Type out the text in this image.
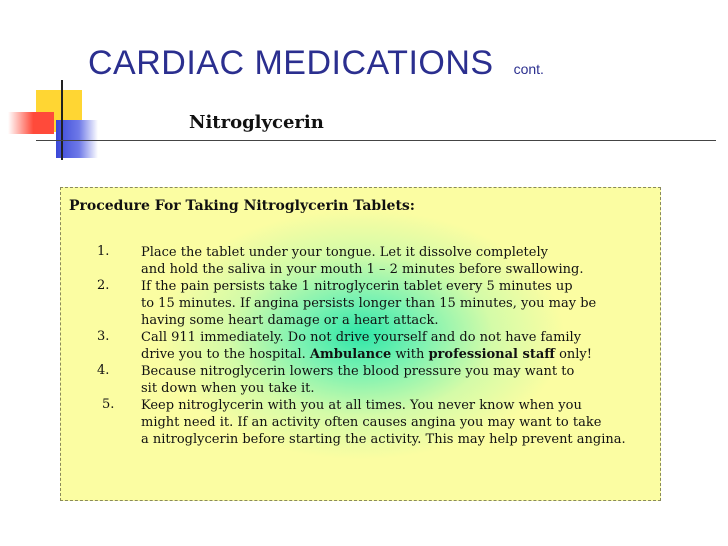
CARDIAC MEDICATIONS cont.
Nitroglycerin
Procedure For Taking Nitroglycerin Tablets:
1. Place the tablet under your tongue. Let it dissolve completely
and hold the saliva in your mouth 1 – 2 minutes before swallowing.
2. If the pain persists take 1 nitroglycerin tablet every 5 minutes up
to 15 minutes. If angina persists longer than 15 minutes, you may be
having some heart damage or a heart attack.
3. Call 911 immediately. Do not drive yourself and do not have family
drive you to the hospital. Ambulance with professional staff only!
4. Because nitroglycerin lowers the blood pressure you may want to
sit down when you take it.
5. Keep nitroglycerin with you at all times. You never know when you
might need it. If an activity often causes angina you may want to take
a nitroglycerin before starting the activity. This may help prevent angina.
